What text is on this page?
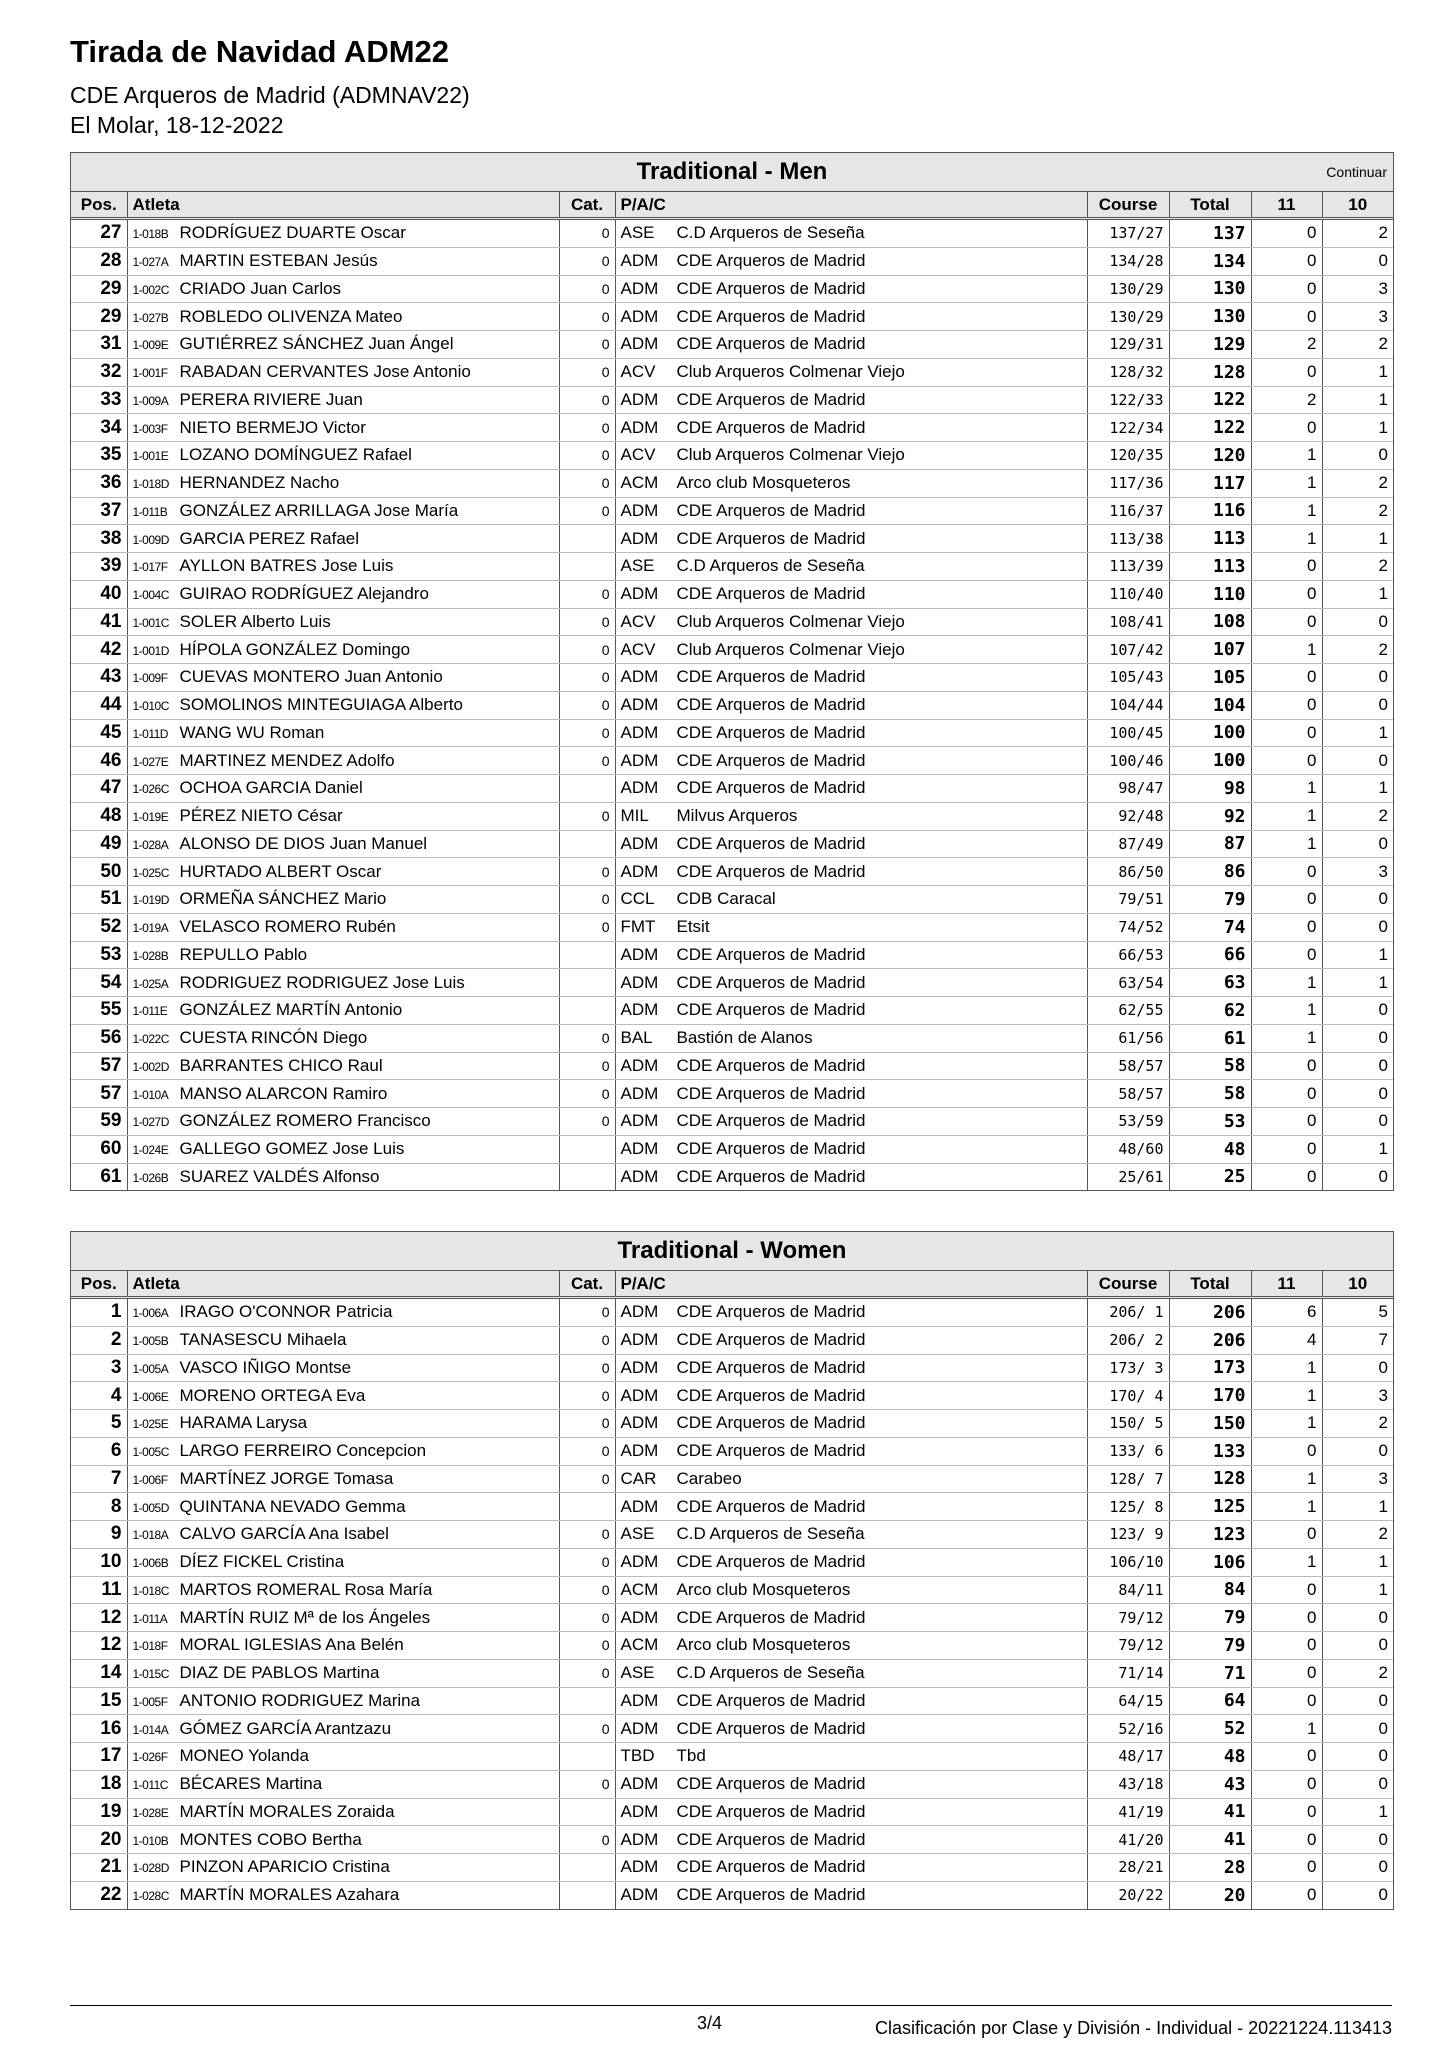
Tirada de Navidad ADM22
CDE Arqueros de Madrid (ADMNAV22)
El Molar, 18-12-2022
Traditional - Men	Continuar
Pos.	Atleta	Cat.	P/A/C	Course	Total	11	10
27	1-018B RODRÍGUEZ DUARTE Oscar	0	ASE C.D Arqueros de Seseña	137/27	137	0	2
28	1-027A MARTIN ESTEBAN Jesús	0	ADM CDE Arqueros de Madrid	134/28	134	0	0
29	1-002C CRIADO Juan Carlos	0	ADM CDE Arqueros de Madrid	130/29	130	0	3
29	1-027B ROBLEDO OLIVENZA Mateo	0	ADM CDE Arqueros de Madrid	130/29	130	0	3
31	1-009E GUTIÉRREZ SÁNCHEZ Juan Ángel	0	ADM CDE Arqueros de Madrid	129/31	129	2	2
32	1-001F RABADAN CERVANTES Jose Antonio	0	ACV Club Arqueros Colmenar Viejo	128/32	128	0	1
33	1-009A PERERA RIVIERE Juan	0	ADM CDE Arqueros de Madrid	122/33	122	2	1
34	1-003F NIETO BERMEJO Victor	0	ADM CDE Arqueros de Madrid	122/34	122	0	1
35	1-001E LOZANO DOMÍNGUEZ Rafael	0	ACV Club Arqueros Colmenar Viejo	120/35	120	1	0
36	1-018D HERNANDEZ Nacho	0	ACM Arco club Mosqueteros	117/36	117	1	2
37	1-011B GONZÁLEZ ARRILLAGA Jose María	0	ADM CDE Arqueros de Madrid	116/37	116	1	2
38	1-009D GARCIA PEREZ Rafael		ADM CDE Arqueros de Madrid	113/38	113	1	1
39	1-017F AYLLON BATRES Jose Luis		ASE C.D Arqueros de Seseña	113/39	113	0	2
40	1-004C GUIRAO RODRÍGUEZ Alejandro	0	ADM CDE Arqueros de Madrid	110/40	110	0	1
41	1-001C SOLER Alberto Luis	0	ACV Club Arqueros Colmenar Viejo	108/41	108	0	0
42	1-001D HÍPOLA GONZÁLEZ Domingo	0	ACV Club Arqueros Colmenar Viejo	107/42	107	1	2
43	1-009F CUEVAS MONTERO Juan Antonio	0	ADM CDE Arqueros de Madrid	105/43	105	0	0
44	1-010C SOMOLINOS MINTEGUIAGA Alberto	0	ADM CDE Arqueros de Madrid	104/44	104	0	0
45	1-011D WANG WU Roman	0	ADM CDE Arqueros de Madrid	100/45	100	0	1
46	1-027E MARTINEZ MENDEZ Adolfo	0	ADM CDE Arqueros de Madrid	100/46	100	0	0
47	1-026C OCHOA GARCIA Daniel		ADM CDE Arqueros de Madrid	98/47	98	1	1
48	1-019E PÉREZ NIETO César	0	MIL Milvus Arqueros	92/48	92	1	2
49	1-028A ALONSO DE DIOS Juan Manuel		ADM CDE Arqueros de Madrid	87/49	87	1	0
50	1-025C HURTADO ALBERT Oscar	0	ADM CDE Arqueros de Madrid	86/50	86	0	3
51	1-019D ORMEÑA SÁNCHEZ Mario	0	CCL CDB Caracal	79/51	79	0	0
52	1-019A VELASCO ROMERO Rubén	0	FMT Etsit	74/52	74	0	0
53	1-028B REPULLO Pablo		ADM CDE Arqueros de Madrid	66/53	66	0	1
54	1-025A RODRIGUEZ RODRIGUEZ Jose Luis		ADM CDE Arqueros de Madrid	63/54	63	1	1
55	1-011E GONZÁLEZ MARTÍN Antonio		ADM CDE Arqueros de Madrid	62/55	62	1	0
56	1-022C CUESTA RINCÓN Diego	0	BAL Bastión de Alanos	61/56	61	1	0
57	1-002D BARRANTES CHICO Raul	0	ADM CDE Arqueros de Madrid	58/57	58	0	0
57	1-010A MANSO ALARCON Ramiro	0	ADM CDE Arqueros de Madrid	58/57	58	0	0
59	1-027D GONZÁLEZ ROMERO Francisco	0	ADM CDE Arqueros de Madrid	53/59	53	0	0
60	1-024E GALLEGO GOMEZ Jose Luis		ADM CDE Arqueros de Madrid	48/60	48	0	1
61	1-026B SUAREZ VALDÉS Alfonso		ADM CDE Arqueros de Madrid	25/61	25	0	0
Traditional - Women
Pos.	Atleta	Cat.	P/A/C	Course	Total	11	10
1	1-006A IRAGO O'CONNOR Patricia	0	ADM CDE Arqueros de Madrid	206/ 1	206	6	5
2	1-005B TANASESCU Mihaela	0	ADM CDE Arqueros de Madrid	206/ 2	206	4	7
3	1-005A VASCO IÑIGO Montse	0	ADM CDE Arqueros de Madrid	173/ 3	173	1	0
4	1-006E MORENO ORTEGA Eva	0	ADM CDE Arqueros de Madrid	170/ 4	170	1	3
5	1-025E HARAMA Larysa	0	ADM CDE Arqueros de Madrid	150/ 5	150	1	2
6	1-005C LARGO FERREIRO Concepcion	0	ADM CDE Arqueros de Madrid	133/ 6	133	0	0
7	1-006F MARTÍNEZ JORGE Tomasa	0	CAR Carabeo	128/ 7	128	1	3
8	1-005D QUINTANA NEVADO Gemma		ADM CDE Arqueros de Madrid	125/ 8	125	1	1
9	1-018A CALVO GARCÍA Ana Isabel	0	ASE C.D Arqueros de Seseña	123/ 9	123	0	2
10	1-006B DÍEZ FICKEL Cristina	0	ADM CDE Arqueros de Madrid	106/10	106	1	1
11	1-018C MARTOS ROMERAL Rosa María	0	ACM Arco club Mosqueteros	84/11	84	0	1
12	1-011A MARTÍN RUIZ Mª de los Ángeles	0	ADM CDE Arqueros de Madrid	79/12	79	0	0
12	1-018F MORAL IGLESIAS Ana Belén	0	ACM Arco club Mosqueteros	79/12	79	0	0
14	1-015C DIAZ DE PABLOS Martina	0	ASE C.D Arqueros de Seseña	71/14	71	0	2
15	1-005F ANTONIO RODRIGUEZ Marina		ADM CDE Arqueros de Madrid	64/15	64	0	0
16	1-014A GÓMEZ GARCÍA Arantzazu	0	ADM CDE Arqueros de Madrid	52/16	52	1	0
17	1-026F MONEO Yolanda		TBD Tbd	48/17	48	0	0
18	1-011C BÉCARES Martina	0	ADM CDE Arqueros de Madrid	43/18	43	0	0
19	1-028E MARTÍN MORALES Zoraida		ADM CDE Arqueros de Madrid	41/19	41	0	1
20	1-010B MONTES COBO Bertha	0	ADM CDE Arqueros de Madrid	41/20	41	0	0
21	1-028D PINZON APARICIO Cristina		ADM CDE Arqueros de Madrid	28/21	28	0	0
22	1-028C MARTÍN MORALES Azahara		ADM CDE Arqueros de Madrid	20/22	20	0	0
3/4	Clasificación por Clase y División - Individual - 20221224.113413
